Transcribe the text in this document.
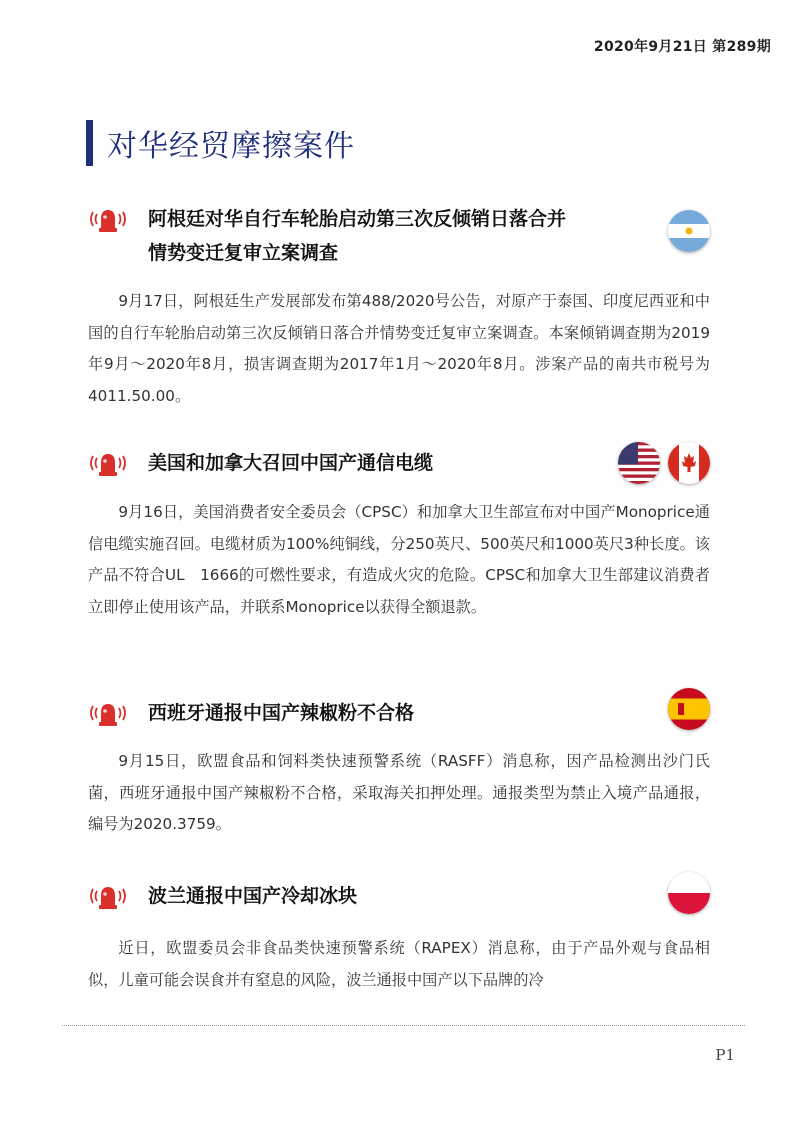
2020年9月21日 第289期
对华经贸摩擦案件
阿根廷对华自行车轮胎启动第三次反倾销日落合并
情势变迁复审立案调查

9月17日，阿根廷生产发展部发布第488/2020号公告，对原产于泰国、印度尼西亚和中国的自行车轮胎启动第三次反倾销日落合并情势变迁复审立案调查。本案倾销调查期为2019年9月～2020年8月，损害调查期为2017年1月～2020年8月。涉案产品的南共市税号为4011.50.00。

美国和加拿大召回中国产通信电缆

9月16日，美国消费者安全委员会（CPSC）和加拿大卫生部宣布对中国产Monoprice通信电缆实施召回。电缆材质为100%纯铜线，分250英尺、500英尺和1000英尺3种长度。该产品不符合UL　1666的可燃性要求，有造成火灾的危险。CPSC和加拿大卫生部建议消费者立即停止使用该产品，并联系Monoprice以获得全额退款。

西班牙通报中国产辣椒粉不合格

9月15日，欧盟食品和饲料类快速预警系统（RASFF）消息称，因产品检测出沙门氏菌，西班牙通报中国产辣椒粉不合格，采取海关扣押处理。通报类型为禁止入境产品通报，编号为2020.3759。

波兰通报中国产冷却冰块

近日，欧盟委员会非食品类快速预警系统（RAPEX）消息称，由于产品外观与食品相似，儿童可能会误食并有窒息的风险，波兰通报中国产以下品牌的冷

P1
